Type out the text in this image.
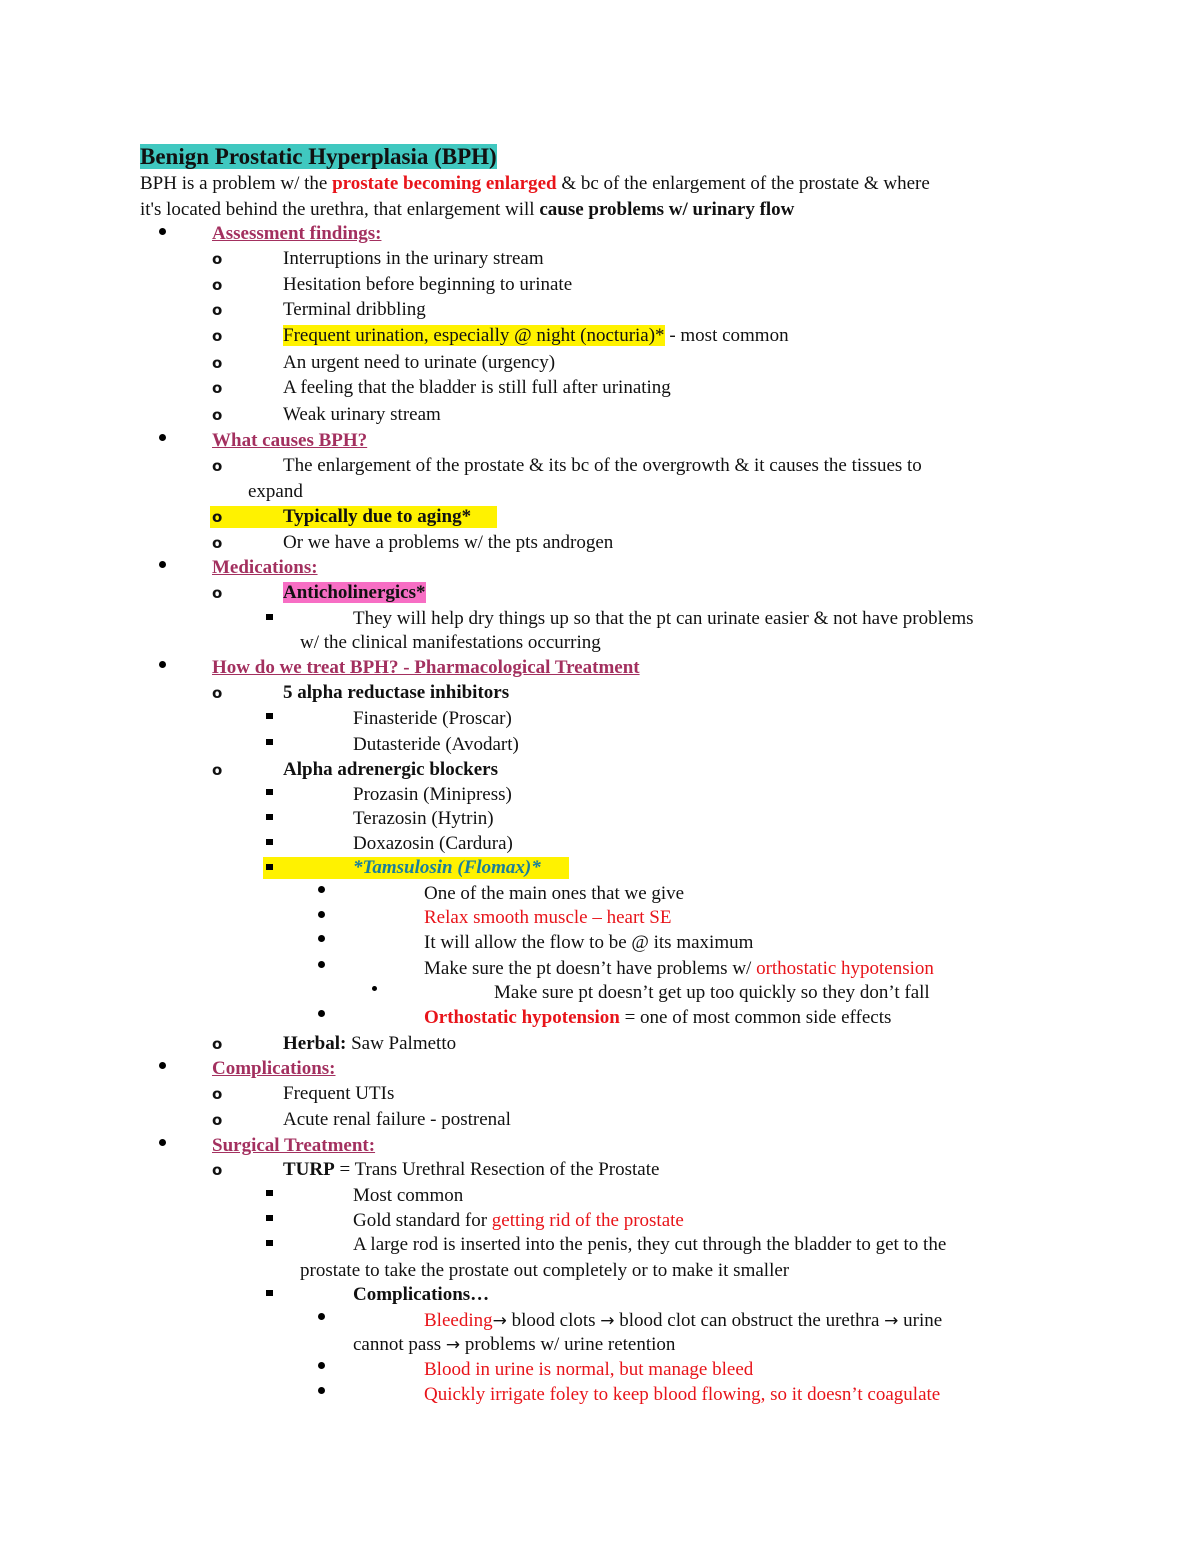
Benign Prostatic Hyperplasia (BPH)
BPH is a problem w/ the prostate becoming enlarged & bc of the enlargement of the prostate & where
it's located behind the urethra, that enlargement will cause problems w/ urinary flow
Assessment findings:
o	Interruptions in the urinary stream
o	Hesitation before beginning to urinate
o	Terminal dribbling
o	Frequent urination, especially @ night (nocturia)* - most common
o	An urgent need to urinate (urgency)
o	A feeling that the bladder is still full after urinating
o	Weak urinary stream
What causes BPH?
o	The enlargement of the prostate & its bc of the overgrowth & it causes the tissues to
expand
o	Typically due to aging*
o	Or we have a problems w/ the pts androgen
Medications:
o	Anticholinergics*
They will help dry things up so that the pt can urinate easier & not have problems
w/ the clinical manifestations occurring
How do we treat BPH? - Pharmacological Treatment
o	5 alpha reductase inhibitors
Finasteride (Proscar)
Dutasteride (Avodart)
o	Alpha adrenergic blockers
Prozasin (Minipress)
Terazosin (Hytrin)
Doxazosin (Cardura)
*Tamsulosin (Flomax)*
One of the main ones that we give
Relax smooth muscle – heart SE
It will allow the flow to be @ its maximum
Make sure the pt doesn’t have problems w/ orthostatic hypotension
Make sure pt doesn’t get up too quickly so they don’t fall
Orthostatic hypotension = one of most common side effects
o	Herbal: Saw Palmetto
Complications:
o	Frequent UTIs
o	Acute renal failure - postrenal
Surgical Treatment:
o	TURP = Trans Urethral Resection of the Prostate
Most common
Gold standard for getting rid of the prostate
A large rod is inserted into the penis, they cut through the bladder to get to the
prostate to take the prostate out completely or to make it smaller
Complications…
Bleeding→ blood clots → blood clot can obstruct the urethra → urine
cannot pass → problems w/ urine retention
Blood in urine is normal, but manage bleed
Quickly irrigate foley to keep blood flowing, so it doesn’t coagulate
